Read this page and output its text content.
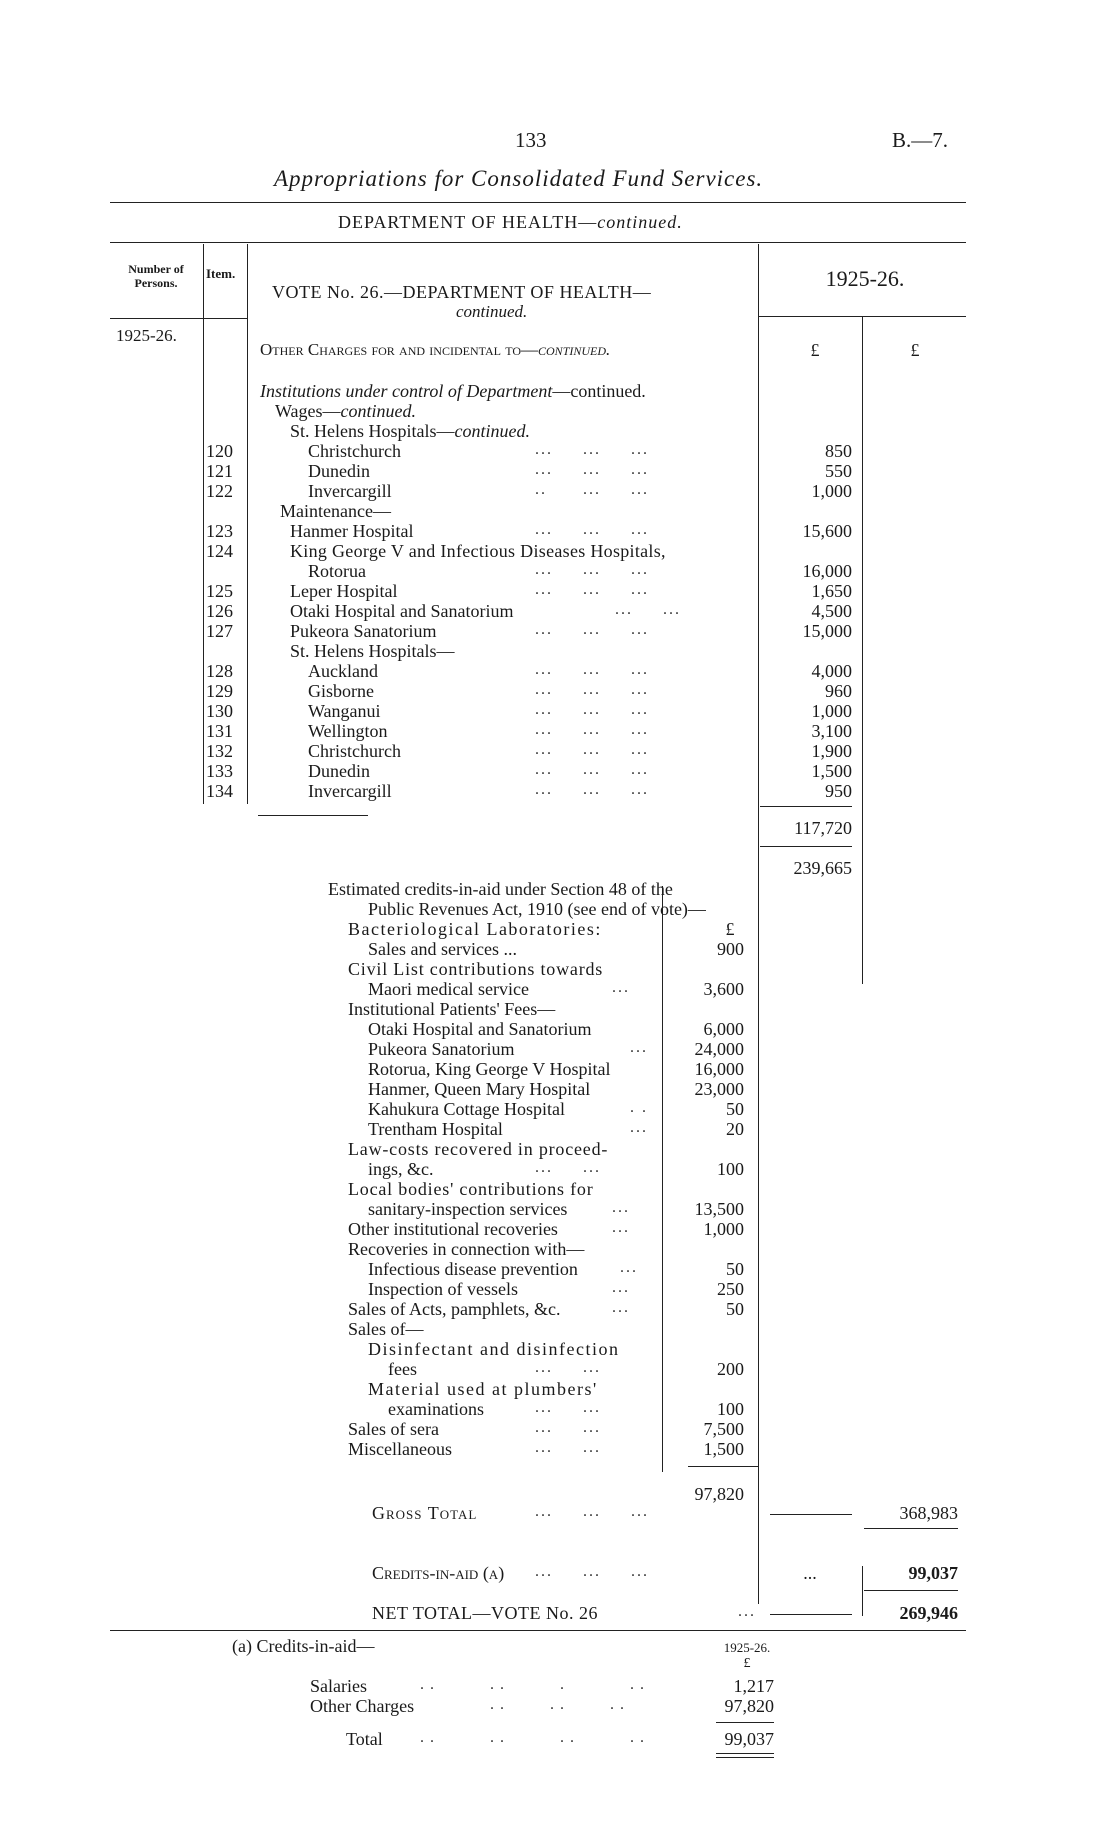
133	B.—7.
Appropriations for Consolidated Fund Services.
DEPARTMENT OF HEALTH—continued.
Number of Persons.
1925-26.
Item.
VOTE No. 26.—DEPARTMENT OF HEALTH—
continued.
1925-26.
£	£
Other Charges for and incidental to—continued.
Institutions under control of Department—continued.
Wages—continued.
St. Helens Hospitals—continued.
120	Christchurch	...     ...     ...	850
121	Dunedin	...     ...     ...	550
122	Invercargill	..      ...     ...	1,000
Maintenance—
123	Hanmer Hospital	...     ...     ...	15,600
124	King George V and Infectious Diseases Hospitals,
Rotorua	...     ...     ...	16,000
125	Leper Hospital	...     ...     ...	1,650
126	Otaki Hospital and Sanatorium	...     ...	4,500
127	Pukeora Sanatorium	...     ...     ...	15,000
St. Helens Hospitals—
128	Auckland	...     ...     ...	4,000
129	Gisborne	...     ...     ...	960
130	Wanganui	...     ...     ...	1,000
131	Wellington	...     ...     ...	3,100
132	Christchurch	...     ...     ...	1,900
133	Dunedin	...     ...     ...	1,500
134	Invercargill	...     ...     ...	950
117,720
239,665
Estimated credits-in-aid under Section 48 of the
Public Revenues Act, 1910 (see end of vote)—
Bacteriological Laboratories:	£
Sales and services ...	900
Civil List contributions towards
Maori medical service	...	3,600
Institutional Patients' Fees—
Otaki Hospital and Sanatorium	6,000
Pukeora Sanatorium	...	24,000
Rotorua, King George V Hospital	16,000
Hanmer, Queen Mary Hospital	23,000
Kahukura Cottage Hospital	. .	50
Trentham Hospital	...	20
Law-costs recovered in proceed-
ings, &c.	...     ...	100
Local bodies' contributions for
sanitary-inspection services	...	13,500
Other institutional recoveries	...	1,000
Recoveries in connection with—
Infectious disease prevention	...	50
Inspection of vessels	...	250
Sales of Acts, pamphlets, &c.	...	50
Sales of—
Disinfectant and disinfection
fees	...     ...	200
Material used at plumbers'
examinations	...     ...	100
Sales of sera	...     ...	7,500
Miscellaneous	...     ...	1,500
97,820
Gross Total	...     ...     ...	368,983
Credits-in-aid (a) ...     ...     ...	...	99,037
NET TOTAL—VOTE No. 26	...	269,946
(a) Credits-in-aid—	1925-26.
£
Salaries	..     ..     .      ..	1,217
Other Charges	..    ..    ..	97,820
Total ..     ..     ..     ..	99,037
